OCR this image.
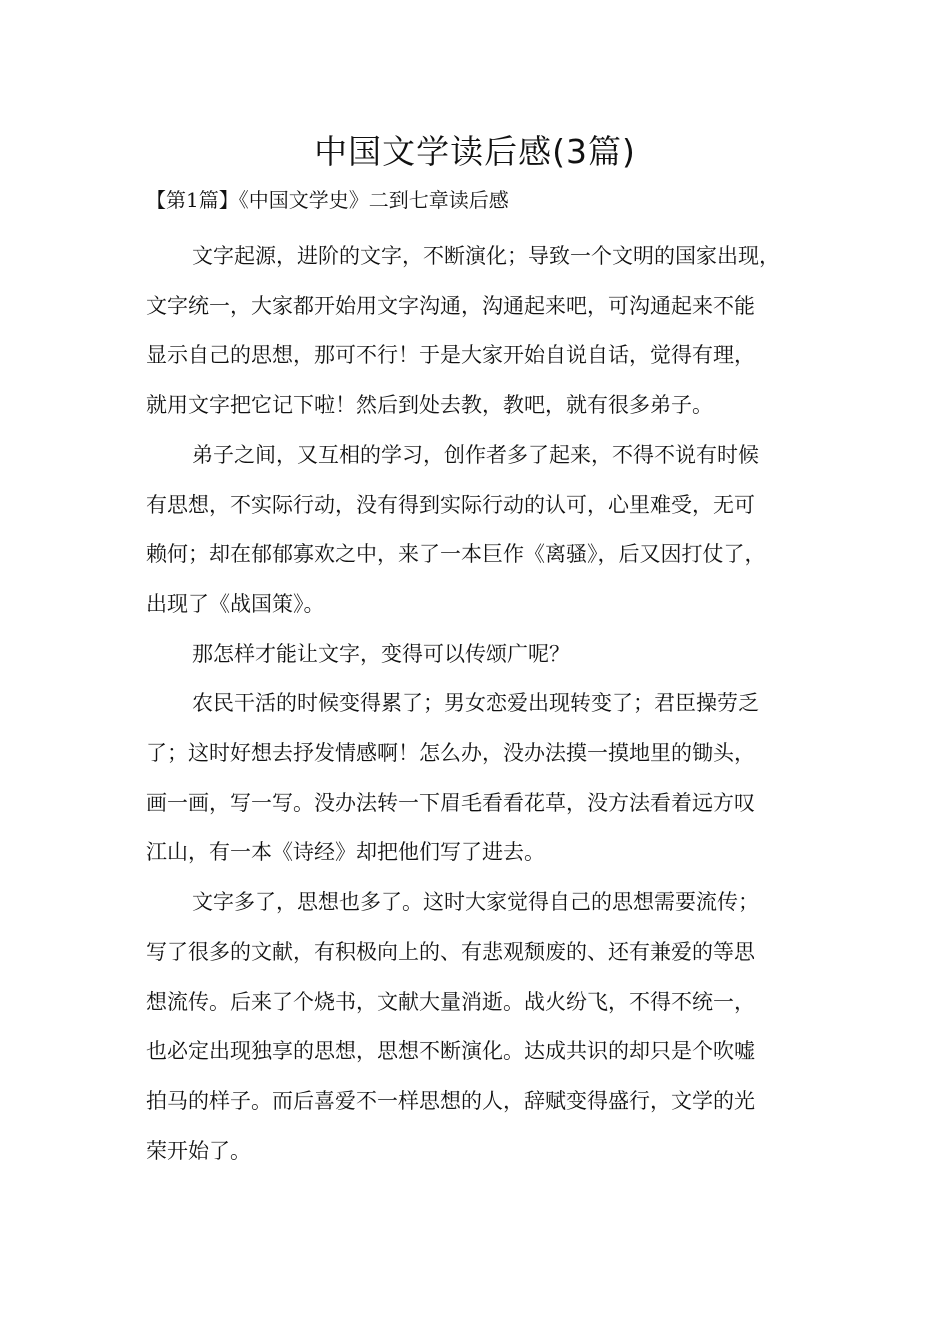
中国文学读后感(3篇)

【第1篇】《中国文学史》二到七章读后感

文字起源，进阶的文字，不断演化；导致一个文明的国家出现，
文字统一，大家都开始用文字沟通，沟通起来吧，可沟通起来不能
显示自己的思想，那可不行！于是大家开始自说自话，觉得有理，
就用文字把它记下啦！然后到处去教，教吧，就有很多弟子。
弟子之间，又互相的学习，创作者多了起来，不得不说有时候
有思想，不实际行动，没有得到实际行动的认可，心里难受，无可
赖何；却在郁郁寡欢之中，来了一本巨作《离骚》，后又因打仗了，
出现了《战国策》。
那怎样才能让文字，变得可以传颂广呢？
农民干活的时候变得累了；男女恋爱出现转变了；君臣操劳乏
了；这时好想去抒发情感啊！怎么办，没办法摸一摸地里的锄头，
画一画，写一写。没办法转一下眉毛看看花草，没方法看着远方叹
江山，有一本《诗经》却把他们写了进去。
文字多了，思想也多了。这时大家觉得自己的思想需要流传；
写了很多的文献，有积极向上的、有悲观颓废的、还有兼爱的等思
想流传。后来了个烧书，文献大量消逝。战火纷飞，不得不统一，
也必定出现独享的思想，思想不断演化。达成共识的却只是个吹嘘
拍马的样子。而后喜爱不一样思想的人，辞赋变得盛行，文学的光
荣开始了。
